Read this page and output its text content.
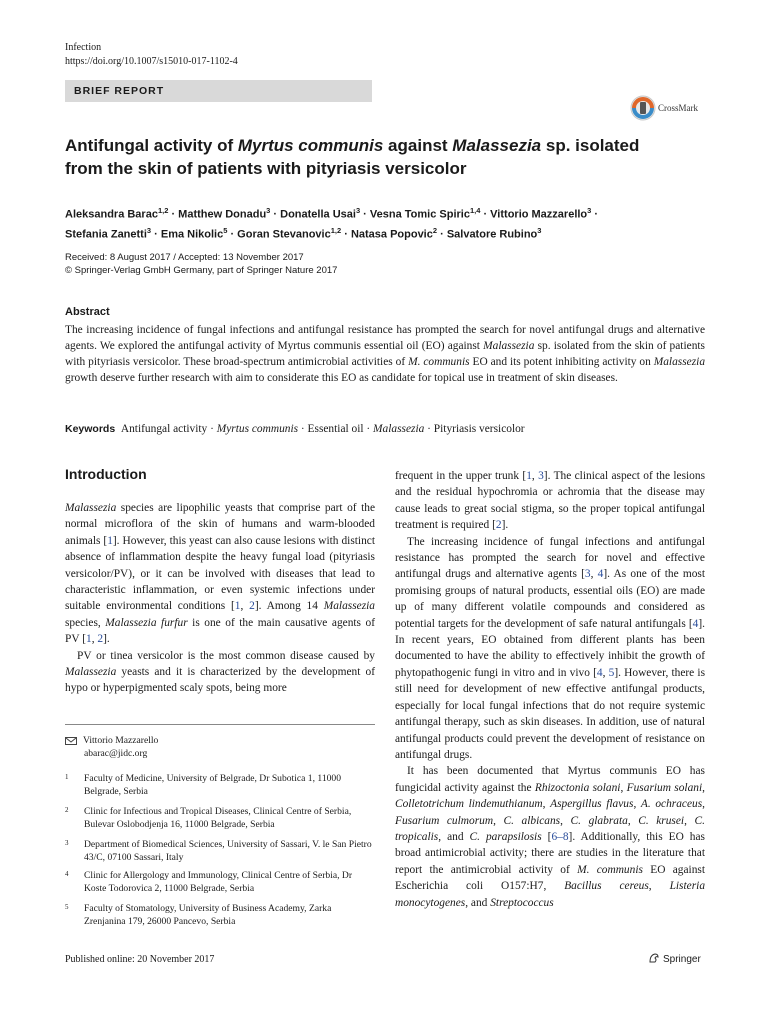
Infection
https://doi.org/10.1007/s15010-017-1102-4
BRIEF REPORT
CrossMark
Antifungal activity of Myrtus communis against Malassezia sp. isolated from the skin of patients with pityriasis versicolor
Aleksandra Barac$^{1,2}$ · Matthew Donadu$^3$ · Donatella Usai$^3$ · Vesna Tomic Spiric$^{1,4}$ · Vittorio Mazzarello$^3$ ·
Stefania Zanetti$^3$ · Ema Nikolic$^5$ · Goran Stevanovic$^{1,2}$ · Natasa Popovic$^2$ · Salvatore Rubino$^3$
Received: 8 August 2017 / Accepted: 13 November 2017
© Springer-Verlag GmbH Germany, part of Springer Nature 2017
Abstract
The increasing incidence of fungal infections and antifungal resistance has prompted the search for novel antifungal drugs and alternative agents. We explored the antifungal activity of Myrtus communis essential oil (EO) against Malassezia sp. isolated from the skin of patients with pityriasis versicolor. These broad-spectrum antimicrobial activities of M. communis EO and its potent inhibiting activity on Malassezia growth deserve further research with aim to considerate this EO as candidate for topical use in treatment of skin diseases.
Keywords Antifungal activity · Myrtus communis · Essential oil · Malassezia · Pityriasis versicolor
Introduction

Malassezia species are lipophilic yeasts that comprise part of the normal microflora of the skin of humans and warm-blooded animals [1]. However, this yeast can also cause lesions with distinct absence of inflammation despite the heavy fungal load (pityriasis versicolor/PV), or it can be involved with diseases that lead to characteristic inflammation, or even systemic infections under suitable environmental conditions [1, 2]. Among 14 Malassezia species, Malassezia furfur is one of the main causative agents of PV [1, 2].

PV or tinea versicolor is the most common disease caused by Malassezia yeasts and it is characterized by the development of hypo or hyperpigmented scaly spots, being more

Vittorio Mazzarello
abarac@jidc.org
1 Faculty of Medicine, University of Belgrade, Dr Subotica 1, 11000 Belgrade, Serbia
2 Clinic for Infectious and Tropical Diseases, Clinical Centre of Serbia, Bulevar Oslobodjenja 16, 11000 Belgrade, Serbia
3 Department of Biomedical Sciences, University of Sassari, V. le San Pietro 43/C, 07100 Sassari, Italy
4 Clinic for Allergology and Immunology, Clinical Centre of Serbia, Dr Koste Todorovica 2, 11000 Belgrade, Serbia
5 Faculty of Stomatology, University of Business Academy, Zarka Zrenjanina 179, 26000 Pancevo, Serbia

frequent in the upper trunk [1, 3]. The clinical aspect of the lesions and the residual hypochromia or achromia that the disease may cause leads to great social stigma, so the proper topical antifungal treatment is required [2].

The increasing incidence of fungal infections and antifungal resistance has prompted the search for novel and effective antifungal drugs and alternative agents [3, 4]. As one of the most promising groups of natural products, essential oils (EO) are made up of many different volatile compounds and considered as potential targets for the development of safe natural antifungals [4]. In recent years, EO obtained from different plants has been documented to have the ability to effectively inhibit the growth of phytopathogenic fungi in vitro and in vivo [4, 5]. However, there is still need for development of new effective antifungal products, especially for local fungal infections that do not require systemic antifungal therapy, such as skin diseases. In addition, use of natural antifungal products could prevent the development of resistance on antifungal drugs.

It has been documented that Myrtus communis EO has fungicidal activity against the Rhizoctonia solani, Fusarium solani, Colletotrichum lindemuthianum, Aspergillus flavus, A. ochraceus, Fusarium culmorum, C. albicans, C. glabrata, C. krusei, C. tropicalis, and C. parapsilosis [6–8]. Additionally, this EO has broad antimicrobial activity; there are studies in the literature that report the antimicrobial activity of M. communis EO against Escherichia coli O157:H7, Bacillus cereus, Listeria monocytogenes, and Streptococcus

Published online: 20 November 2017	Springer
